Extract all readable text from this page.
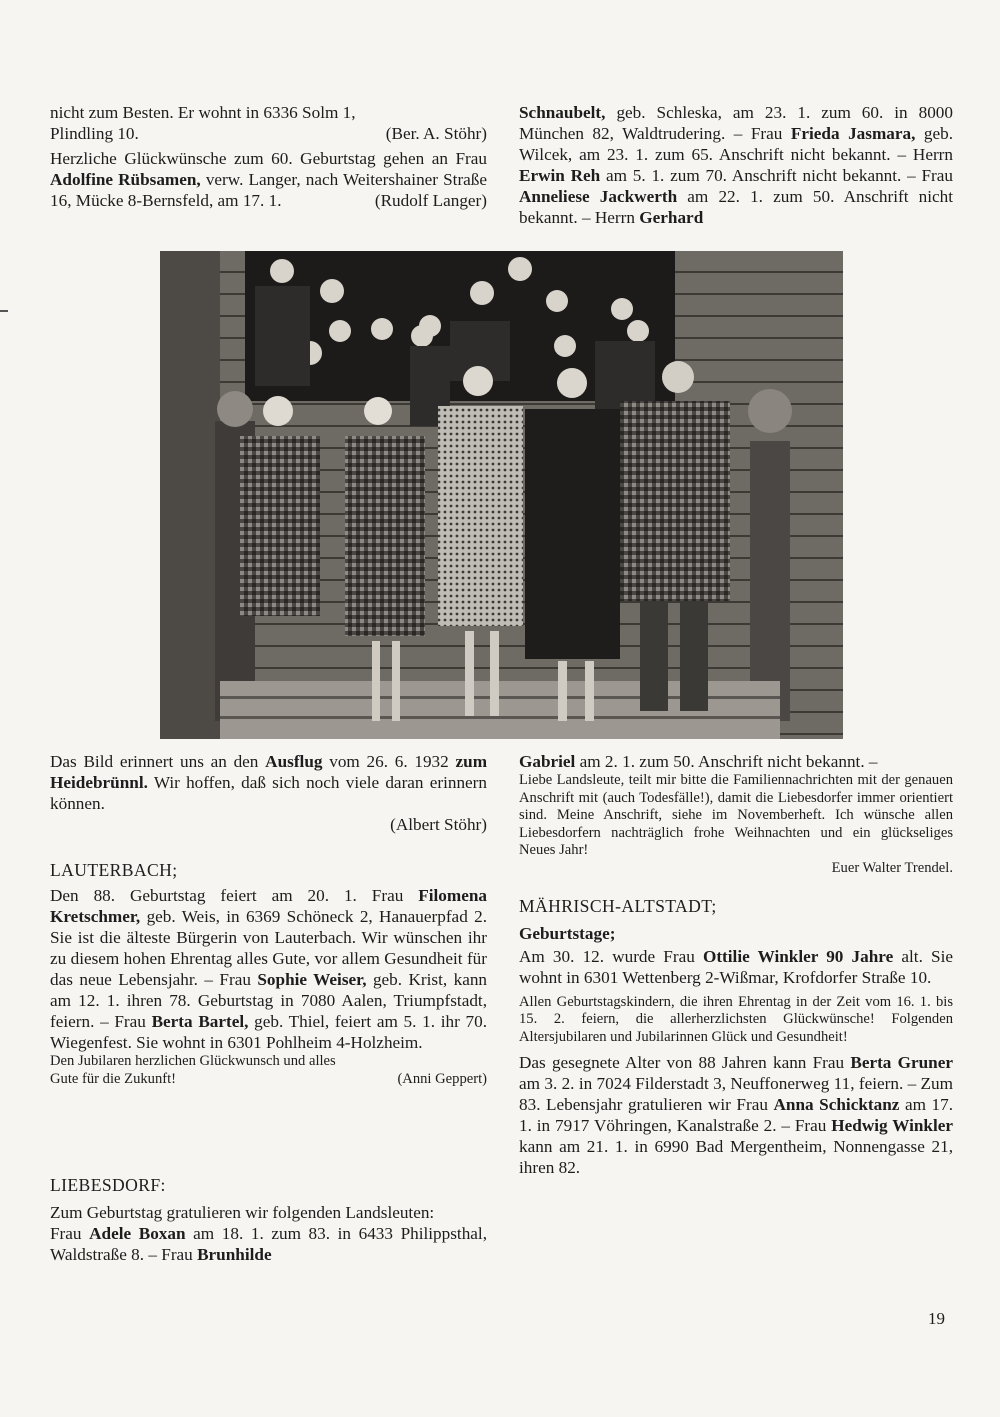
nicht zum Besten. Er wohnt in 6336 Solm 1,

Plindling 10.	(Ber. A. Stöhr)

Herzliche Glückwünsche zum 60. Geburtstag gehen an Frau Adolfine Rübsamen, verw. Langer, nach Weitershainer Straße 16, Mücke 8-Bernsfeld, am 17. 1.	(Rudolf Langer)

Schnaubelt, geb. Schleska, am 23. 1. zum 60. in 8000 München 82, Waldtrudering. – Frau Frieda Jasmara, geb. Wilcek, am 23. 1. zum 65. Anschrift nicht bekannt. – Herrn Erwin Reh am 5. 1. zum 70. Anschrift nicht bekannt. – Frau Anneliese Jackwerth am 22. 1. zum 50. Anschrift nicht bekannt. – Herrn Gerhard

Das Bild erinnert uns an den Ausflug vom 26. 6. 1932 zum Heidebrünnl. Wir hoffen, daß sich noch viele daran erinnern können.
(Albert Stöhr)

LAUTERBACH;

Den 88. Geburtstag feiert am 20. 1. Frau Filomena Kretschmer, geb. Weis, in 6369 Schöneck 2, Hanauerpfad 2. Sie ist die älteste Bürgerin von Lauterbach. Wir wünschen ihr zu diesem hohen Ehrentag alles Gute, vor allem Gesundheit für das neue Lebensjahr. – Frau Sophie Weiser, geb. Krist, kann am 12. 1. ihren 78. Geburtstag in 7080 Aalen, Triumpfstadt, feiern. – Frau Berta Bartel, geb. Thiel, feiert am 5. 1. ihr 70. Wiegenfest. Sie wohnt in 6301 Pohlheim 4-Holzheim.

Den Jubilaren herzlichen Glückwunsch und alles

Gute für die Zukunft!	(Anni Geppert)

LIEBESDORF:

Zum Geburtstag gratulieren wir folgenden Landsleuten:
Frau Adele Boxan am 18. 1. zum 83. in 6433 Philippsthal, Waldstraße 8. – Frau Brunhilde

Gabriel am 2. 1. zum 50. Anschrift nicht bekannt. –

Liebe Landsleute, teilt mir bitte die Familiennachrichten mit der genauen Anschrift mit (auch Todesfälle!), damit die Liebesdorfer immer orientiert sind. Meine Anschrift, siehe im Novemberheft. Ich wünsche allen Liebesdorfern nachträglich frohe Weihnachten und ein glückseliges Neues Jahr!
Euer Walter Trendel.

MÄHRISCH-ALTSTADT;

Geburtstage;

Am 30. 12. wurde Frau Ottilie Winkler 90 Jahre alt. Sie wohnt in 6301 Wettenberg 2-Wißmar, Krofdorfer Straße 10.

Allen Geburtstagskindern, die ihren Ehrentag in der Zeit vom 16. 1. bis 15. 2. feiern, die allerherzlichsten Glückwünsche! Folgenden Altersjubilaren und Jubilarinnen Glück und Gesundheit!

Das gesegnete Alter von 88 Jahren kann Frau Berta Gruner am 3. 2. in 7024 Filderstadt 3, Neuffonerweg 11, feiern. – Zum 83. Lebensjahr gratulieren wir Frau Anna Schicktanz am 17. 1. in 7917 Vöhringen, Kanalstraße 2. – Frau Hedwig Winkler kann am 21. 1. in 6990 Bad Mergentheim, Nonnengasse 21, ihren 82.

19
